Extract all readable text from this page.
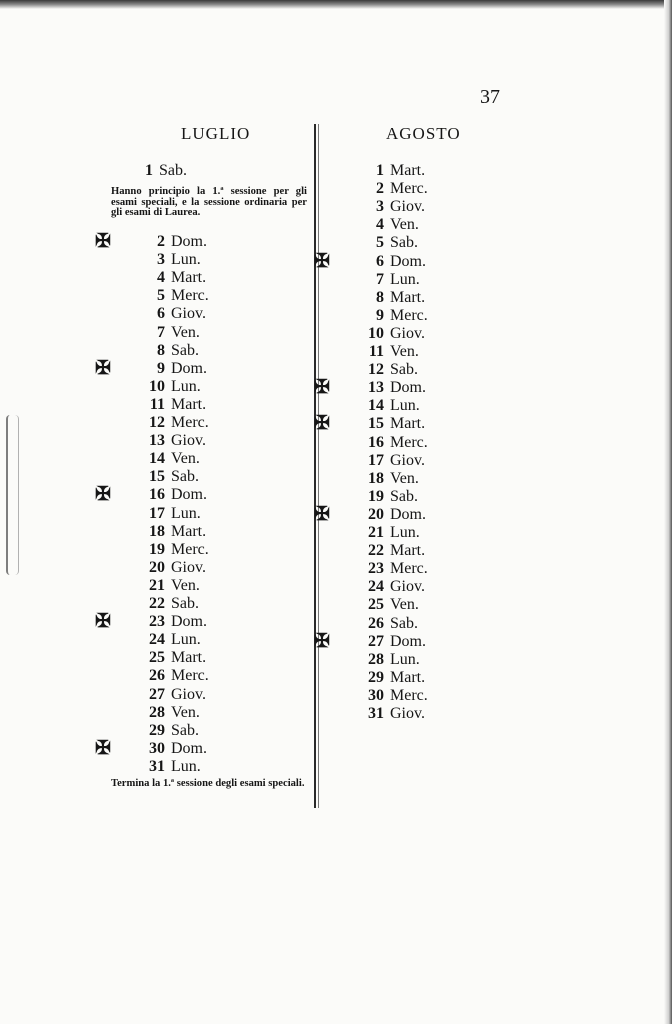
37
LUGLIO	AGOSTO
1 Sab.
Hanno principio la 1.ª sessione per gli esami speciali, e la sessione ordinaria per gli esami di Laurea.
✠	2 Dom.
3 Lun.
4 Mart.
5 Merc.
6 Giov.
7 Ven.
8 Sab.
✠	9 Dom.
10 Lun.
11 Mart.
12 Merc.
13 Giov.
14 Ven.
15 Sab.
✠ 16 Dom.
17 Lun.
18 Mart.
19 Merc.
20 Giov.
21 Ven.
22 Sab.
✠ 23 Dom.
24 Lun.
25 Mart.
26 Merc.
27 Giov.
28 Ven.
29 Sab.
✠ 30 Dom.
31 Lun.
1 Mart.
2 Merc.
3 Giov.
4 Ven.
5 Sab.
✠	6 Dom.
7 Lun.
8 Mart.
9 Merc.
10 Giov.
11 Ven.
12 Sab.
✠ 13 Dom.
14 Lun.
✠ 15 Mart.
16 Merc.
17 Giov.
18 Ven.
19 Sab.
✠ 20 Dom.
21 Lun.
22 Mart.
23 Merc.
24 Giov.
25 Ven.
26 Sab.
✠ 27 Dom.
28 Lun.
29 Mart.
30 Merc.
31 Giov.
Termina la 1.ª sessione degli esami speciali.
